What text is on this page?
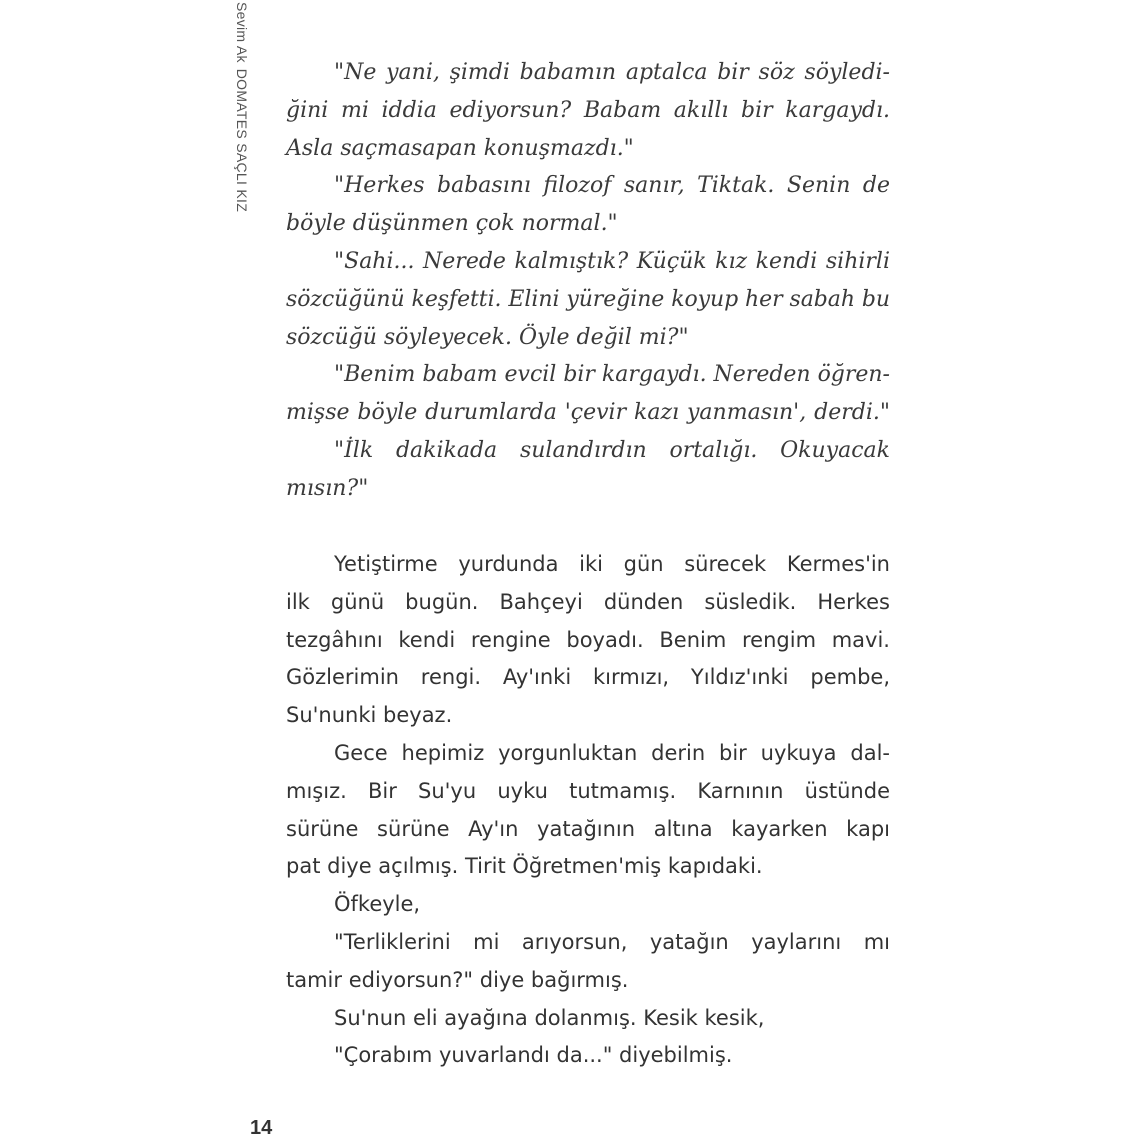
Sevim AkDOMATES SAÇLI KIZ	"Ne yani, şimdi babamın aptalca bir söz söyledi-
ğini mi iddia ediyorsun? Babam akıllı bir kargaydı.
Asla saçmasapan konuşmazdı."
"Herkes babasını filozof sanır, Tiktak. Senin de
böyle düşünmen çok normal."
"Sahi... Nerede kalmıştık? Küçük kız kendi sihirli
sözcüğünü keşfetti. Elini yüreğine koyup her sabah bu
sözcüğü söyleyecek. Öyle değil mi?"
"Benim babam evcil bir kargaydı. Nereden öğren-
mişse böyle durumlarda 'çevir kazı yanmasın', derdi."
"İlk dakikada sulandırdın ortalığı. Okuyacak
mısın?"
Yetiştirme yurdunda iki gün sürecek Kermes'in
ilk günü bugün. Bahçeyi dünden süsledik. Herkes
tezgâhını kendi rengine boyadı. Benim rengim mavi.
Gözlerimin rengi. Ay'ınki kırmızı, Yıldız'ınki pembe,
Su'nunki beyaz.
Gece hepimiz yorgunluktan derin bir uykuya dal-
mışız. Bir Su'yu uyku tutmamış. Karnının üstünde
sürüne sürüne Ay'ın yatağının altına kayarken kapı
pat diye açılmış. Tirit Öğretmen'miş kapıdaki.
Öfkeyle,
"Terliklerini mi arıyorsun, yatağın yaylarını mı
tamir ediyorsun?" diye bağırmış.
Su'nun eli ayağına dolanmış. Kesik kesik,
"Çorabım yuvarlandı da..." diyebilmiş.
14
